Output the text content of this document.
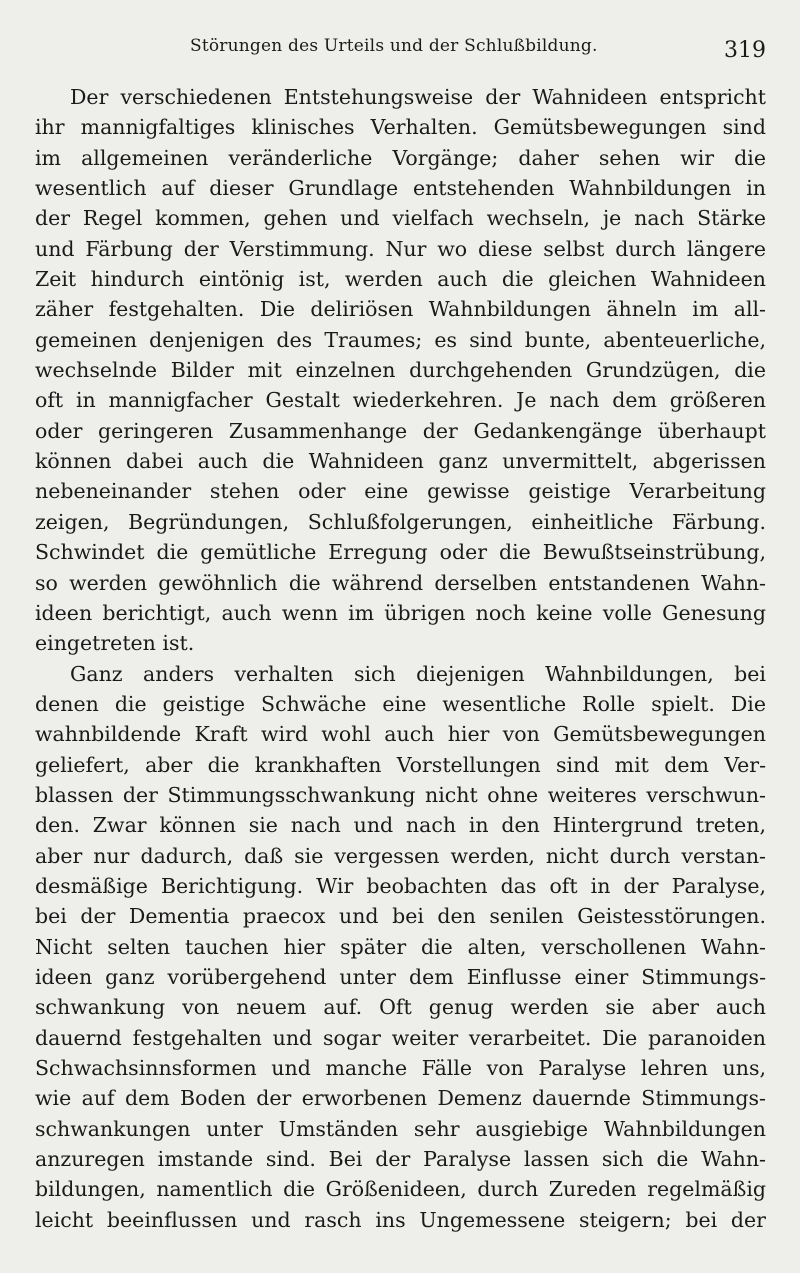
Störungen des Urteils und der Schlußbildung.	319
Der verschiedenen Entstehungsweise der Wahnideen entspricht
ihr mannigfaltiges klinisches Verhalten. Gemütsbewegungen sind
im allgemeinen veränderliche Vorgänge; daher sehen wir die
wesentlich auf dieser Grundlage entstehenden Wahnbildungen in
der Regel kommen, gehen und vielfach wechseln, je nach Stärke
und Färbung der Verstimmung. Nur wo diese selbst durch längere
Zeit hindurch eintönig ist, werden auch die gleichen Wahnideen
zäher festgehalten. Die deliriösen Wahnbildungen ähneln im all-
gemeinen denjenigen des Traumes; es sind bunte, abenteuerliche,
wechselnde Bilder mit einzelnen durchgehenden Grundzügen, die
oft in mannigfacher Gestalt wiederkehren. Je nach dem größeren
oder geringeren Zusammenhange der Gedankengänge überhaupt
können dabei auch die Wahnideen ganz unvermittelt, abgerissen
nebeneinander stehen oder eine gewisse geistige Verarbeitung
zeigen, Begründungen, Schlußfolgerungen, einheitliche Färbung.
Schwindet die gemütliche Erregung oder die Bewußtseinstrübung,
so werden gewöhnlich die während derselben entstandenen Wahn-
ideen berichtigt, auch wenn im übrigen noch keine volle Genesung
eingetreten ist.
Ganz anders verhalten sich diejenigen Wahnbildungen, bei
denen die geistige Schwäche eine wesentliche Rolle spielt. Die
wahnbildende Kraft wird wohl auch hier von Gemütsbewegungen
geliefert, aber die krankhaften Vorstellungen sind mit dem Ver-
blassen der Stimmungsschwankung nicht ohne weiteres verschwun-
den. Zwar können sie nach und nach in den Hintergrund treten,
aber nur dadurch, daß sie vergessen werden, nicht durch verstan-
desmäßige Berichtigung. Wir beobachten das oft in der Paralyse,
bei der Dementia praecox und bei den senilen Geistesstörungen.
Nicht selten tauchen hier später die alten, verschollenen Wahn-
ideen ganz vorübergehend unter dem Einflusse einer Stimmungs-
schwankung von neuem auf. Oft genug werden sie aber auch
dauernd festgehalten und sogar weiter verarbeitet. Die paranoiden
Schwachsinnsformen und manche Fälle von Paralyse lehren uns,
wie auf dem Boden der erworbenen Demenz dauernde Stimmungs-
schwankungen unter Umständen sehr ausgiebige Wahnbildungen
anzuregen imstande sind. Bei der Paralyse lassen sich die Wahn-
bildungen, namentlich die Größenideen, durch Zureden regelmäßig
leicht beeinflussen und rasch ins Ungemessene steigern; bei der
